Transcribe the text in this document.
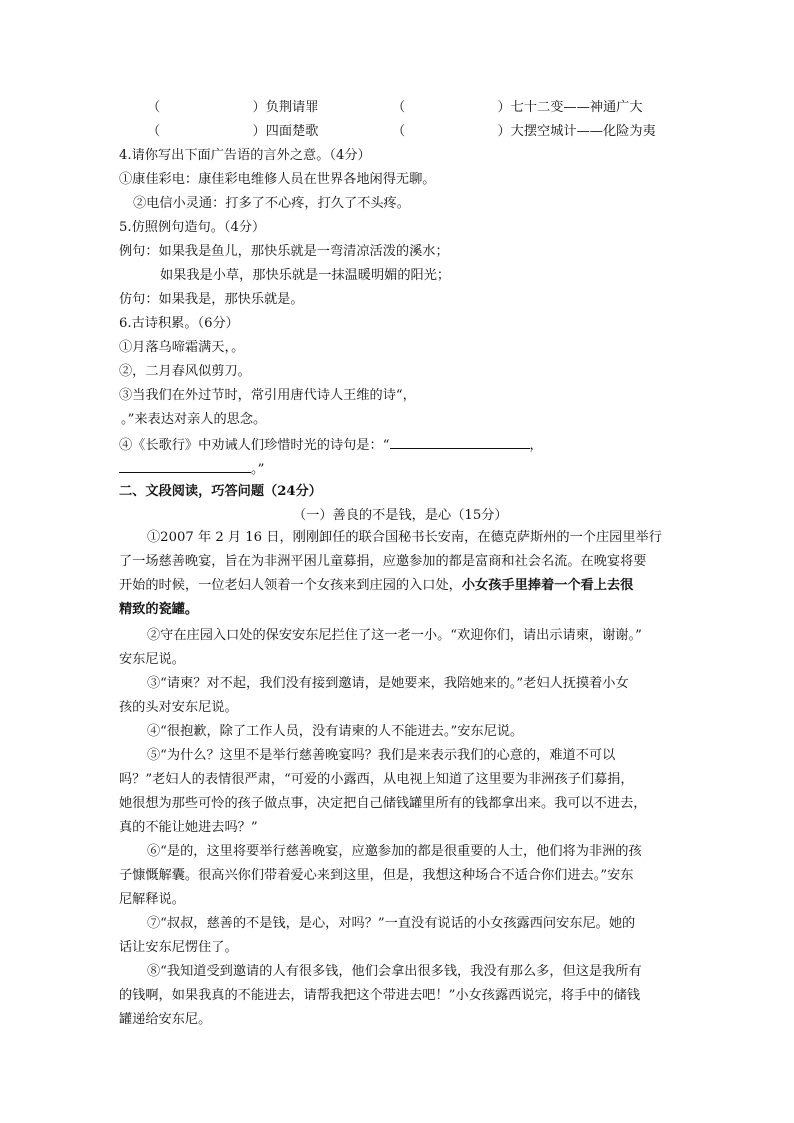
（　　　　　　　）负荆请罪	（　　　　　　　）七十二变——神通广大
（　　　　　　　）四面楚歌	（　　　　　　　）大摆空城计——化险为夷
4.请你写出下面广告语的言外之意。（4分）
①康佳彩电：康佳彩电维修人员在世界各地闲得无聊。
②电信小灵通：打多了不心疼，打久了不头疼。
5.仿照例句造句。（4分）
例句：如果我是鱼儿，那快乐就是一弯清凉活泼的溪水；
如果我是小草，那快乐就是一抹温暖明媚的阳光；
仿句：如果我是，那快乐就是。
6.古诗积累。（6分）
①月落乌啼霜满天，。
②，二月春风似剪刀。
③当我们在外过节时，常引用唐代诗人王维的诗“，
。”来表达对亲人的思念。
④《长歌行》中劝诫人们珍惜时光的诗句是：“	，
。”
二、文段阅读，巧答问题（24分）
（一）善良的不是钱，是心（15分）
①2007 年 2 月 16 日，刚刚卸任的联合国秘书长安南，在德克萨斯州的一个庄园里举行
了一场慈善晚宴，旨在为非洲平困儿童募捐，应邀参加的都是富商和社会名流。在晚宴将要
开始的时候，一位老妇人领着一个女孩来到庄园的入口处，小女孩手里捧着一个看上去很
精致的瓷罐。
②守在庄园入口处的保安安东尼拦住了这一老一小。“欢迎你们，请出示请柬，谢谢。”
安东尼说。
③“请柬？对不起，我们没有接到邀请，是她要来，我陪她来的。”老妇人抚摸着小女
孩的头对安东尼说。
④“很抱歉，除了工作人员，没有请柬的人不能进去。”安东尼说。
⑤“为什么？这里不是举行慈善晚宴吗？我们是来表示我们的心意的，难道不可以
吗？”老妇人的表情很严肃，“可爱的小露西，从电视上知道了这里要为非洲孩子们募捐，
她很想为那些可怜的孩子做点事，决定把自己储钱罐里所有的钱都拿出来。我可以不进去，
真的不能让她进去吗？”
⑥“是的，这里将要举行慈善晚宴，应邀参加的都是很重要的人士，他们将为非洲的孩
子慷慨解囊。很高兴你们带着爱心来到这里，但是，我想这种场合不适合你们进去。”安东
尼解释说。
⑦“叔叔，慈善的不是钱，是心，对吗？”一直没有说话的小女孩露西问安东尼。她的
话让安东尼愣住了。
⑧“我知道受到邀请的人有很多钱，他们会拿出很多钱，我没有那么多，但这是我所有
的钱啊，如果我真的不能进去，请帮我把这个带进去吧！”小女孩露西说完，将手中的储钱
罐递给安东尼。
